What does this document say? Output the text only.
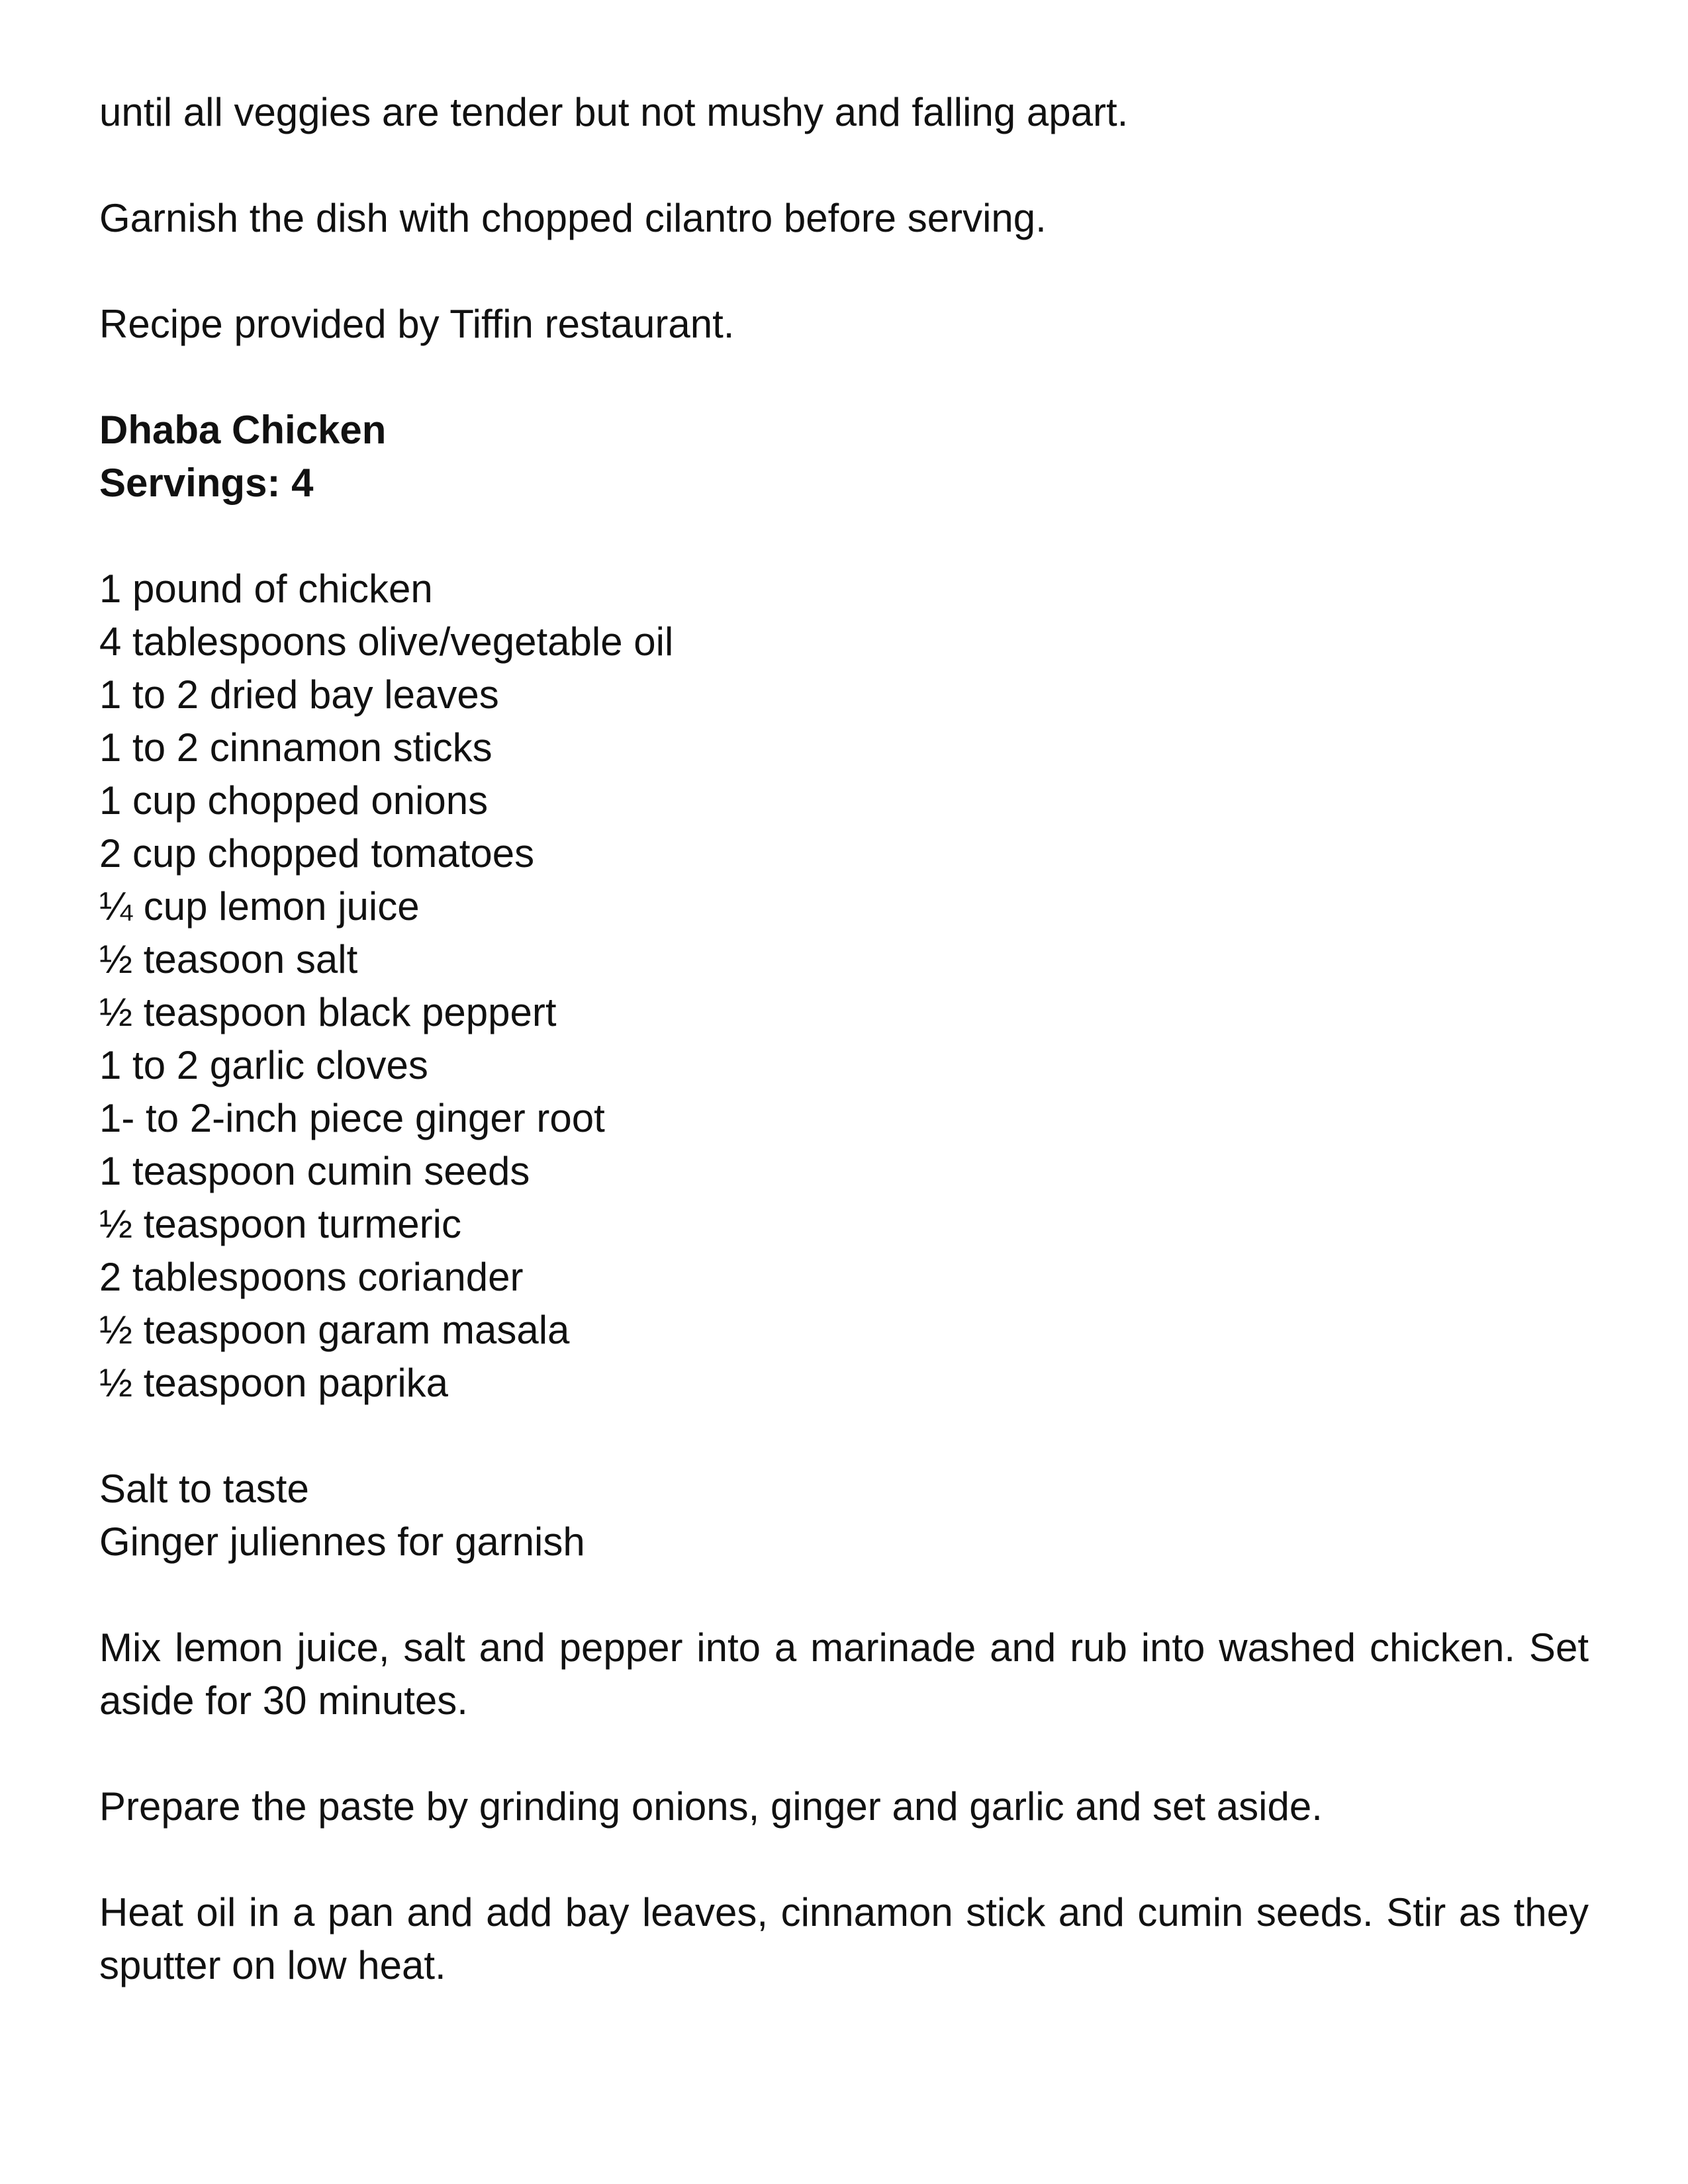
until all veggies are tender but not mushy and falling apart.

Garnish the dish with chopped cilantro before serving.

Recipe provided by Tiffin restaurant.

Dhaba Chicken
Servings: 4
1 pound of chicken
4 tablespoons olive/vegetable oil
1 to 2 dried bay leaves
1 to 2 cinnamon sticks
1 cup chopped onions
2 cup chopped tomatoes
¼ cup lemon juice
½ teasoon salt
½ teaspoon black peppert
1 to 2 garlic cloves
1- to 2-inch piece ginger root
1 teaspoon cumin seeds
½ teaspoon turmeric
2 tablespoons coriander
½ teaspoon garam masala
½ teaspoon paprika
Salt to taste
Ginger juliennes for garnish

Mix lemon juice, salt and pepper into a marinade and rub into washed chicken. Set aside for 30 minutes.

Prepare the paste by grinding onions, ginger and garlic and set aside.

Heat oil in a pan and add bay leaves, cinnamon stick and cumin seeds. Stir as they sputter on low heat.
